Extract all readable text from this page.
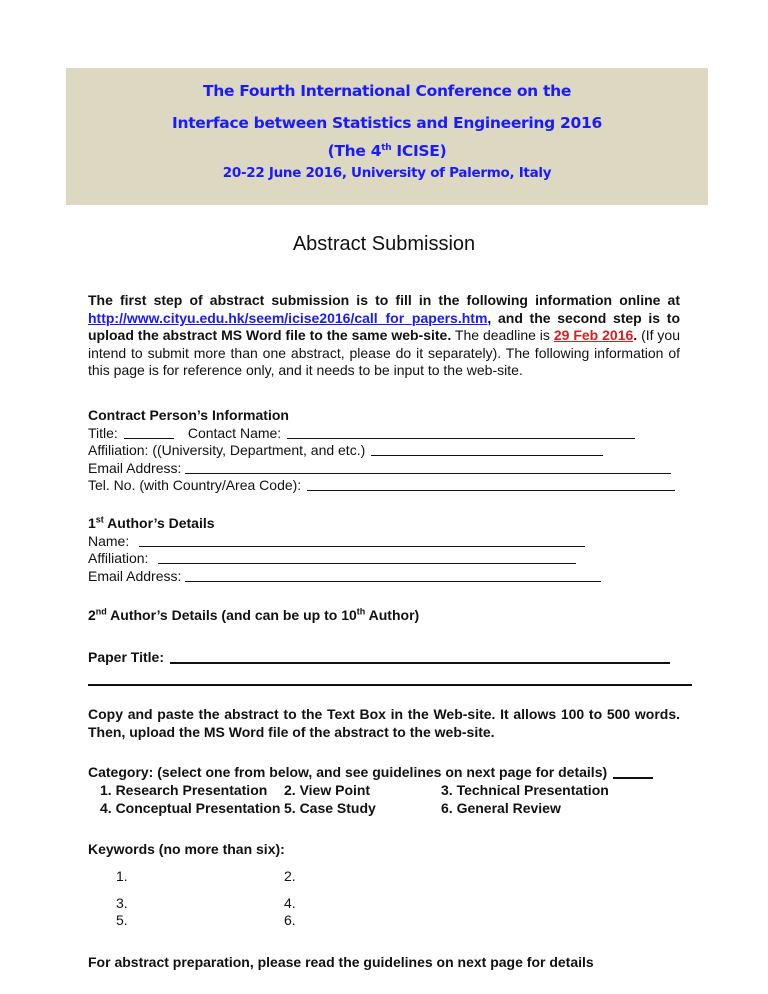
The Fourth International Conference on the
Interface between Statistics and Engineering 2016
(The 4th ICISE)
20-22 June 2016, University of Palermo, Italy
Abstract Submission
The first step of abstract submission is to fill in the following information online at http://www.cityu.edu.hk/seem/icise2016/call_for_papers.htm, and the second step is to upload the abstract MS Word file to the same web-site. The deadline is 29 Feb 2016. (If you intend to submit more than one abstract, please do it separately). The following information of this page is for reference only, and it needs to be input to the web-site.
Contract Person’s Information
Title:	Contact Name:
Affiliation: ((University, Department, and etc.)
Email Address:
Tel. No. (with Country/Area Code):
1st Author’s Details
Name:
Affiliation:
Email Address:
2nd Author’s Details (and can be up to 10th Author)
Paper Title:
Copy and paste the abstract to the Text Box in the Web-site. It allows 100 to 500 words. Then, upload the MS Word file of the abstract to the web-site.
Category: (select one from below, and see guidelines on next page for details)
1. Research Presentation 2. View Point	3. Technical Presentation
4. Conceptual Presentation 5. Case Study	6. General Review
Keywords (no more than six):
1.	2.
3.	4.
5.	6.
For abstract preparation, please read the guidelines on next page for details
